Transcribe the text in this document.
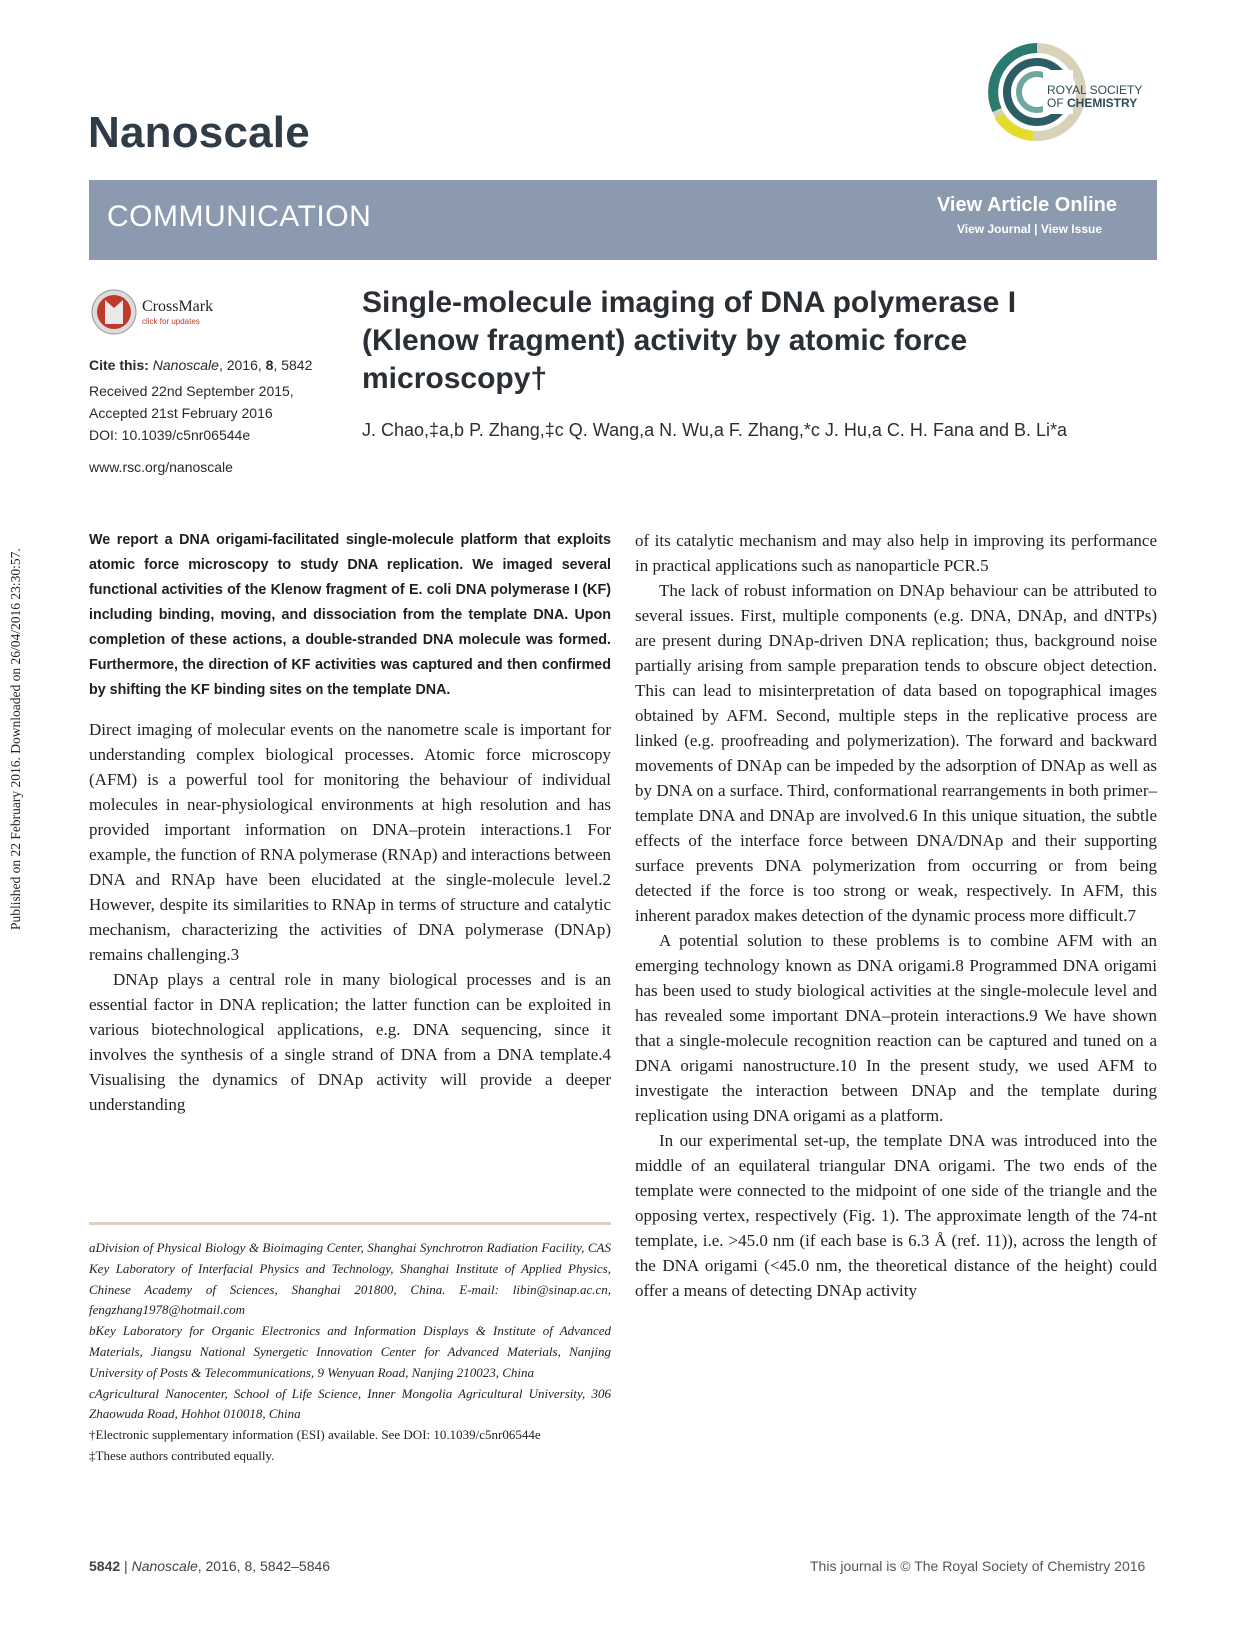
Published on 22 February 2016. Downloaded on 26/04/2016 23:30:57.
Nanoscale
ROYAL SOCIETY
OF CHEMISTRY
COMMUNICATION	View Article Online
View Journal | View Issue
CrossMark
click for updates
Cite this: Nanoscale, 2016, 8, 5842
Received 22nd September 2015,
Accepted 21st February 2016
DOI: 10.1039/c5nr06544e
www.rsc.org/nanoscale
Single-molecule imaging of DNA polymerase I (Klenow fragment) activity by atomic force microscopy†
J. Chao,‡a,b P. Zhang,‡c Q. Wang,a N. Wu,a F. Zhang,*c J. Hu,a C. H. Fana and B. Li*a
We report a DNA origami-facilitated single-molecule platform that exploits atomic force microscopy to study DNA replication. We imaged several functional activities of the Klenow fragment of E. coli DNA polymerase I (KF) including binding, moving, and dissociation from the template DNA. Upon completion of these actions, a double-stranded DNA molecule was formed. Furthermore, the direction of KF activities was captured and then confirmed by shifting the KF binding sites on the template DNA.

Direct imaging of molecular events on the nanometre scale is important for understanding complex biological processes. Atomic force microscopy (AFM) is a powerful tool for monitoring the behaviour of individual molecules in near-physiological environments at high resolution and has provided important information on DNA–protein interactions.1 For example, the function of RNA polymerase (RNAp) and interactions between DNA and RNAp have been elucidated at the single-molecule level.2 However, despite its similarities to RNAp in terms of structure and catalytic mechanism, characterizing the activities of DNA polymerase (DNAp) remains challenging.3

DNAp plays a central role in many biological processes and is an essential factor in DNA replication; the latter function can be exploited in various biotechnological applications, e.g. DNA sequencing, since it involves the synthesis of a single strand of DNA from a DNA template.4 Visualising the dynamics of DNAp activity will provide a deeper understanding

of its catalytic mechanism and may also help in improving its performance in practical applications such as nanoparticle PCR.5

The lack of robust information on DNAp behaviour can be attributed to several issues. First, multiple components (e.g. DNA, DNAp, and dNTPs) are present during DNAp-driven DNA replication; thus, background noise partially arising from sample preparation tends to obscure object detection. This can lead to misinterpretation of data based on topographical images obtained by AFM. Second, multiple steps in the replicative process are linked (e.g. proofreading and polymerization). The forward and backward movements of DNAp can be impeded by the adsorption of DNAp as well as by DNA on a surface. Third, conformational rearrangements in both primer–template DNA and DNAp are involved.6 In this unique situation, the subtle effects of the interface force between DNA/DNAp and their supporting surface prevents DNA polymerization from occurring or from being detected if the force is too strong or weak, respectively. In AFM, this inherent paradox makes detection of the dynamic process more difficult.7

A potential solution to these problems is to combine AFM with an emerging technology known as DNA origami.8 Programmed DNA origami has been used to study biological activities at the single-molecule level and has revealed some important DNA–protein interactions.9 We have shown that a single-molecule recognition reaction can be captured and tuned on a DNA origami nanostructure.10 In the present study, we used AFM to investigate the interaction between DNAp and the template during replication using DNA origami as a platform.

In our experimental set-up, the template DNA was introduced into the middle of an equilateral triangular DNA origami. The two ends of the template were connected to the midpoint of one side of the triangle and the opposing vertex, respectively (Fig. 1). The approximate length of the 74-nt template, i.e. >45.0 nm (if each base is 6.3 Å (ref. 11)), across the length of the DNA origami (<45.0 nm, the theoretical distance of the height) could offer a means of detecting DNAp activity

aDivision of Physical Biology & Bioimaging Center, Shanghai Synchrotron Radiation Facility, CAS Key Laboratory of Interfacial Physics and Technology, Shanghai Institute of Applied Physics, Chinese Academy of Sciences, Shanghai 201800, China. E-mail: libin@sinap.ac.cn, fengzhang1978@hotmail.com
bKey Laboratory for Organic Electronics and Information Displays & Institute of Advanced Materials, Jiangsu National Synergetic Innovation Center for Advanced Materials, Nanjing University of Posts & Telecommunications, 9 Wenyuan Road, Nanjing 210023, China
cAgricultural Nanocenter, School of Life Science, Inner Mongolia Agricultural University, 306 Zhaowuda Road, Hohhot 010018, China
†Electronic supplementary information (ESI) available. See DOI: 10.1039/c5nr06544e
‡These authors contributed equally.
5842 | Nanoscale, 2016, 8, 5842–5846	This journal is © The Royal Society of Chemistry 2016
